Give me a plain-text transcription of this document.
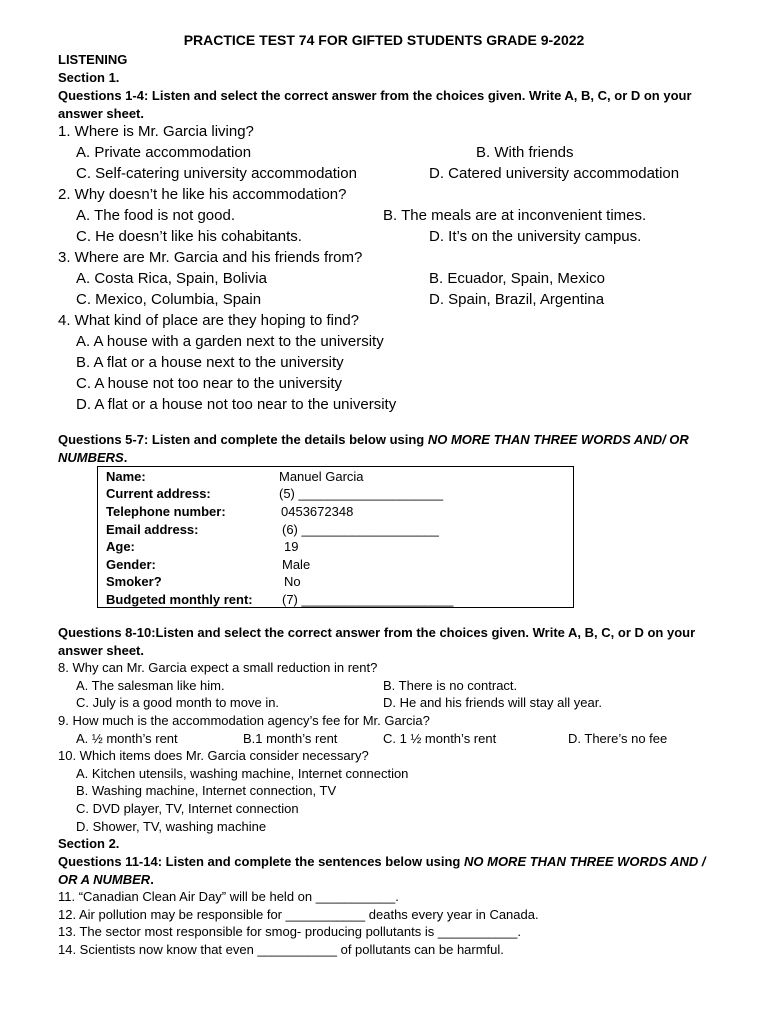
PRACTICE TEST 74 FOR GIFTED STUDENTS GRADE 9-2022
LISTENING
Section 1.
Questions 1-4: Listen and select the correct answer from the choices given. Write A, B, C, or D on your answer sheet.
1. Where is Mr. Garcia living?
A. Private accommodation	B. With friends
C. Self-catering university accommodation	D. Catered university accommodation
2. Why doesn’t he like his accommodation?
A. The food is not good.	B. The meals are at inconvenient times.
C. He doesn’t like his cohabitants.	D. It’s on the university campus.
3. Where are Mr. Garcia and his friends from?
A. Costa Rica, Spain, Bolivia	B. Ecuador, Spain, Mexico
C. Mexico, Columbia, Spain	D. Spain, Brazil, Argentina
4. What kind of place are they hoping to find?
A. A house with a garden next to the university
B. A flat or a house next to the university
C. A house not too near to the university
D. A flat or a house not too near to the university
Questions 5-7: Listen and complete the details below using NO MORE THAN THREE WORDS AND/ OR NUMBERS.
Name:	Manuel Garcia
Current address:	(5) ____________________
Telephone number:	0453672348
Email address:	(6) ___________________
Age:	19
Gender:	Male
Smoker?	No
Budgeted monthly rent: (7) _____________________
Questions 8-10:Listen and select the correct answer from the choices given. Write A, B, C, or D on your answer sheet.
8. Why can Mr. Garcia expect a small reduction in rent?
A. The salesman like him.	B. There is no contract.
C. July is a good month to move in.	D. He and his friends will stay all year.
9. How much is the accommodation agency’s fee for Mr. Garcia?
A. ½ month’s rent	B.1 month’s rent	C. 1 ½ month’s rent	D. There’s no fee
10. Which items does Mr. Garcia consider necessary?
A. Kitchen utensils, washing machine, Internet connection
B. Washing machine, Internet connection, TV
C. DVD player, TV, Internet connection
D. Shower, TV, washing machine
Section 2.
Questions 11-14: Listen and complete the sentences below using NO MORE THAN THREE WORDS AND / OR A NUMBER.
11. “Canadian Clean Air Day” will be held on ___________.
12. Air pollution may be responsible for ___________ deaths every year in Canada.
13. The sector most responsible for smog- producing pollutants is ___________.
14. Scientists now know that even ___________ of pollutants can be harmful.
